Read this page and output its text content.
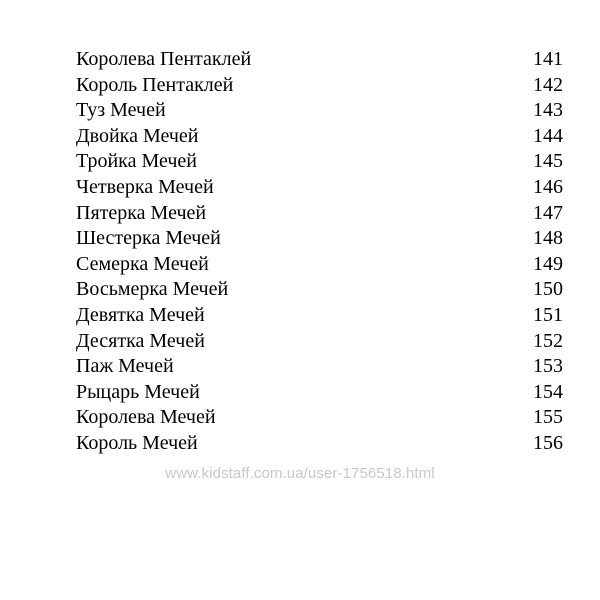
Королева Пентаклей	141
Король Пентаклей	142
Туз Мечей	143
Двойка Мечей	144
Тройка Мечей	145
Четверка Мечей	146
Пятерка Мечей	147
Шестерка Мечей	148
Семерка Мечей	149
Восьмерка Мечей	150
Девятка Мечей	151
Десятка Мечей	152
Паж Мечей	153
Рыцарь Мечей	154
Королева Мечей	155
Король Мечей	156
www.kidstaff.com.ua/user-1756518.html
